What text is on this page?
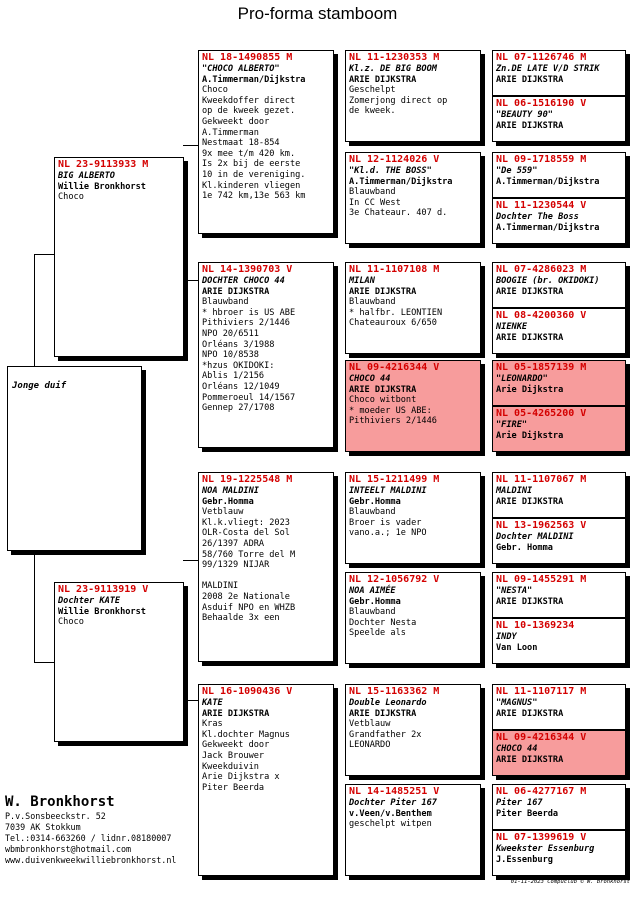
Pro-forma stamboom
Jonge duif
NL 23-9113933 M
BIG ALBERTO
Willie Bronkhorst
Choco
NL 23-9113919 V
Dochter KATE
Willie Bronkhorst
Choco
NL 18-1490855 M
"CHOCO ALBERTO"
A.Timmerman/Dijkstra
Choco
Kweekdoffer direct
op de kweek gezet.
Gekweekt door
A.Timmerman
Nestmaat 18-854
9x mee t/m 420 km.
Is 2x bij de eerste
10 in de vereniging.
Kl.kinderen vliegen
1e 742 km,13e 563 km
NL 14-1390703 V
DOCHTER CHOCO 44
ARIE DIJKSTRA
Blauwband
* hbroer is US ABE
Pithiviers 2/1446
NPO 20/6511
Orléans 3/1988
NPO 10/8538
*hzus OKIDOKI:
Ablis 1/2156
Orléans 12/1049
Pommeroeul 14/1567
Gennep 27/1708
NL 19-1225548 M
NOA MALDINI
Gebr.Homma
Vetblauw
Kl.k.vliegt: 2023
OLR-Costa del Sol
26/1397 ADRA
58/760 Torre del M
99/1329 NIJAR
MALDINI
2008 2e Nationale
Asduif NPO en WHZB
Behaalde 3x een
NL 16-1090436 V
KATE
ARIE DIJKSTRA
Kras
Kl.dochter Magnus
Gekweekt door
Jack Brouwer
Kweekduivin
Arie Dijkstra x
Piter Beerda
NL 11-1230353 M
Kl.z. DE BIG BOOM
ARIE DIJKSTRA
Geschelpt
Zomerjong direct op
de kweek.
NL 12-1124026 V
"Kl.d. THE BOSS"
A.Timmerman/Dijkstra
Blauwband
In CC West
3e Chateaur. 407 d.
NL 11-1107108 M
MILAN
ARIE DIJKSTRA
Blauwband
* halfbr. LEONTIEN
Chateauroux 6/650
NL 09-4216344 V
CHOCO 44
ARIE DIJKSTRA
Choco witbont
* moeder US ABE:
Pithiviers 2/1446
NL 15-1211499 M
INTEELT MALDINI
Gebr.Homma
Blauwband
Broer is vader
vano.a.; 1e NPO
NL 12-1056792 V
NOA AIMÉE
Gebr.Homma
Blauwband
Dochter Nesta
Speelde als
NL 15-1163362 M
Double Leonardo
ARIE DIJKSTRA
Vetblauw
Grandfather 2x
LEONARDO
NL 14-1485251 V
Dochter Piter 167
v.Veen/v.Benthem
geschelpt witpen
NL 07-1126746 M
Zn.DE LATE V/D STRIK
ARIE DIJKSTRA
NL 06-1516190 V
"BEAUTY 90"
ARIE DIJKSTRA
NL 09-1718559 M
"De 559"
A.Timmerman/Dijkstra
NL 11-1230544 V
Dochter The Boss
A.Timmerman/Dijkstra
NL 07-4286023 M
BOOGIE (br. OKIDOKI)
ARIE DIJKSTRA
NL 08-4200360 V
NIENKE
ARIE DIJKSTRA
NL 05-1857139 M
"LEONARDO"
Arie Dijkstra
NL 05-4265200 V
"FIRE"
Arie Dijkstra
NL 11-1107067 M
MALDINI
ARIE DIJKSTRA
NL 13-1962563 V
Dochter MALDINI
Gebr. Homma
NL 09-1455291 M
"NESTA"
ARIE DIJKSTRA
NL 10-1369234
INDY
Van Loon
NL 11-1107117 M
"MAGNUS"
ARIE DIJKSTRA
NL 09-4216344 V
CHOCO 44
ARIE DIJKSTRA
NL 06-4277167 M
Piter 167
Piter Beerda
NL 07-1399619 V
Kweekster Essenburg
J.Essenburg
W. Bronkhorst
P.v.Sonsbeeckstr. 52
7039 AK Stokkum
Tel.:0314-663260 / lidnr.08180007
wbmbronkhorst@hotmail.com
www.duivenkweekwilliebronkhorst.nl
01-11-2023 Compuclub © W. Bronkhorst
